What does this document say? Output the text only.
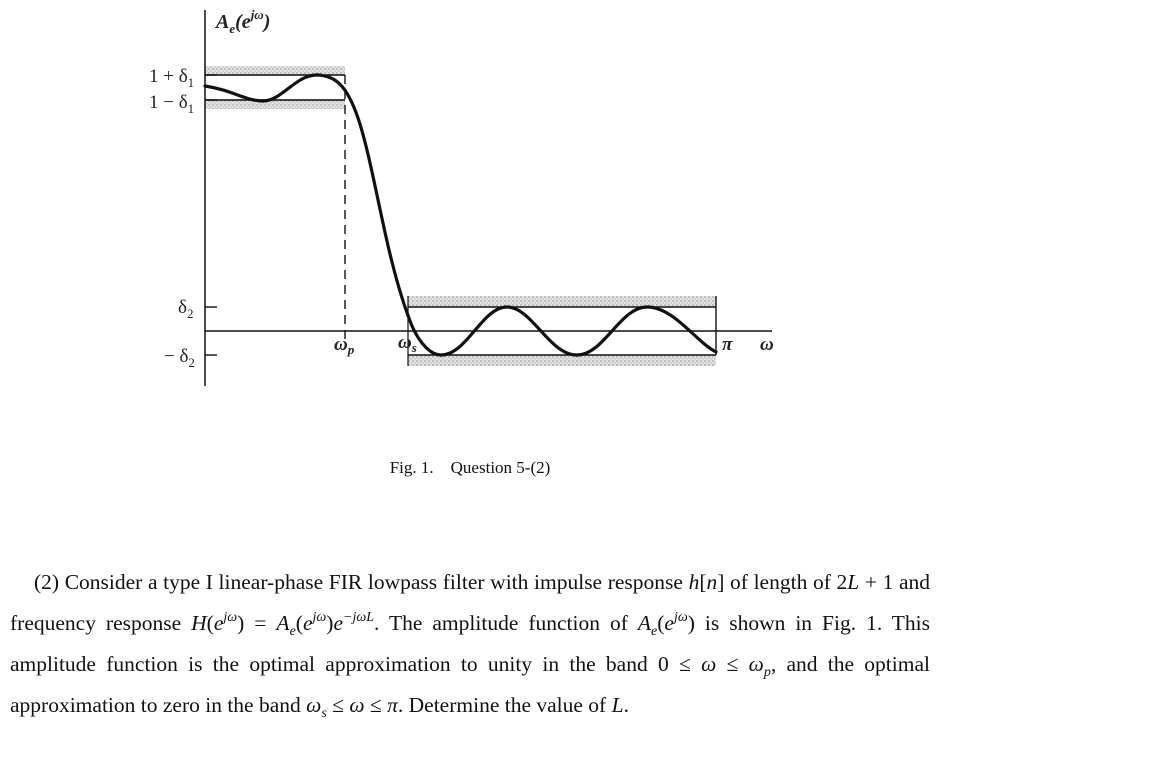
$A_e(e^{j\omega})$
$1 + \delta_1$
$1 - \delta_1$
$\delta_2$
− $\delta_2$
$\omega_p$ $\omega_s$	π ω
Fig. 1. Question 5-(2)

(2) Consider a type I linear-phase FIR lowpass filter with impulse response h[n] of length of 2L + 1 and frequency response $H(e^{j\omega}) = A_e(e^{j\omega})e^{-j\omega L}$. The amplitude function of $A_e(e^{j\omega})$ is shown in Fig. 1. This amplitude function is the optimal approximation to unity in the band $0 \le \omega \le \omega_p$, and the optimal approximation to zero in the band $\omega_s \le \omega \le \pi$. Determine the value of L.
